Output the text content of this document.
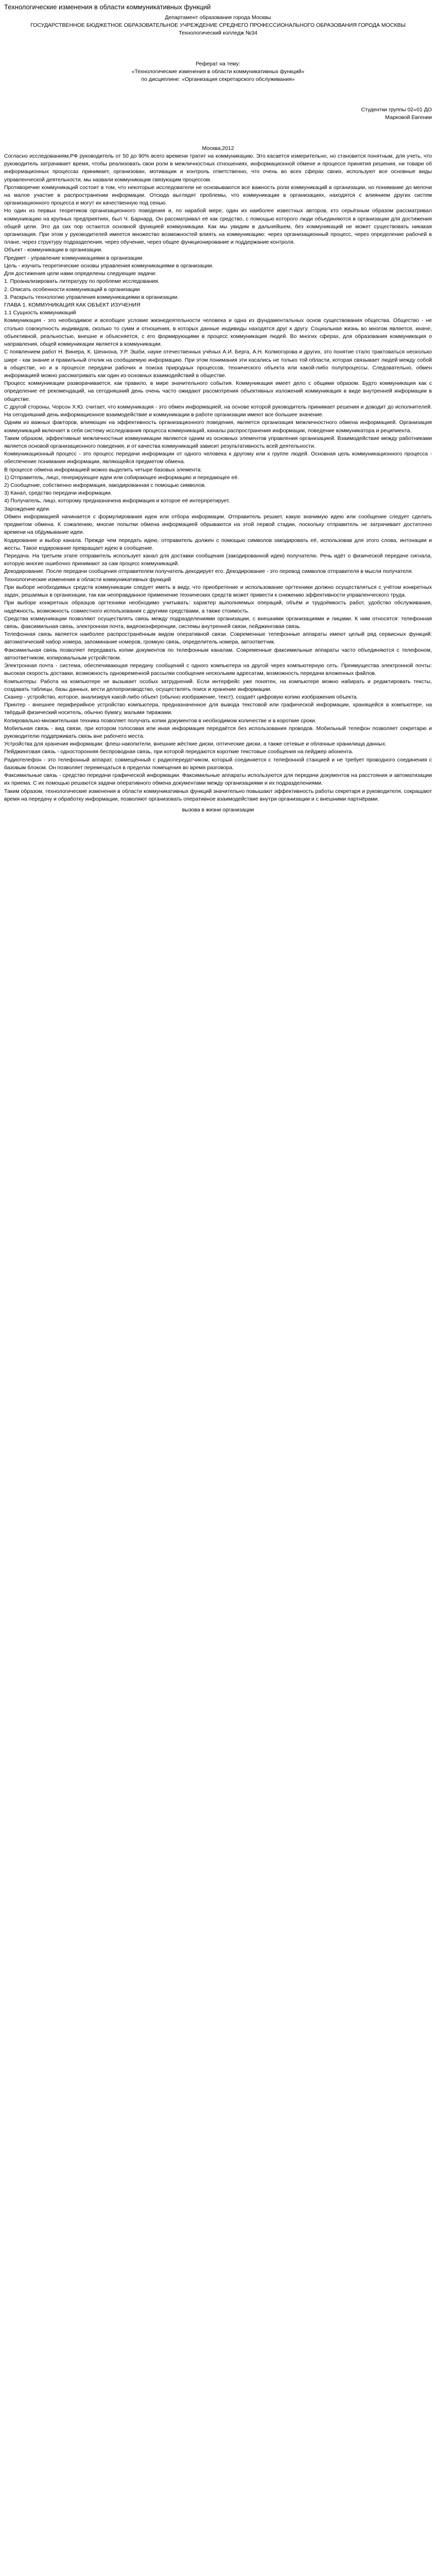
Технологические изменения в области коммуникативных функций

Департамент образования города Москвы

ГОСУДАРСТВЕННОЕ БЮДЖЕТНОЕ ОБРАЗОВАТЕЛЬНОЕ УЧРЕЖДЕНИЕ СРЕДНЕГО ПРОФЕССИОНАЛЬНОГО ОБРАЗОВАНИЯ ГОРОДА МОСКВЫ

Технологический колледж №34

Реферат на тему:

«Технологические изменения в области коммуникативных функций»

по дисциплине: «Организация секретарского обслуживания»

Студентки группы 02«01 ДО

Марковой Евгении

Москва,2012

Согласно исследованиям,РФ руководитель от 50 до 90% всего времени тратит на коммуникацию. Это касается измерительно, но становится понятным, для учеть, что руководитель затрачивает время, чтобы реализовать свои роли в межличностных отношениях, информационной обмене и процессе принятия решения, ни товари об информационных процессах принимает, организован, мотивации и контроль ответственно, что очень во всех сферах своих, используют все основные виды управленческой деятельности, мы назвали коммуникации связующим процессом.

Противоречие коммуникаций состоит в том, что некоторые исследователи не основываются все важность роли коммуникаций в организации, но понимание до мелочи на малое участие в распространении информации. Отсюда выглядят проблемы, что коммуникации в организациях, находятся с влиянием других систем организационного процесса и могут их качественную под сенью.

Но один из первых теоретиков организационного поведения и, по нарабой мере, один из наиболее известных авторов, кто серьёзным образом рассматривал коммуникацию на крупных предприятиях, был Ч. Барнард. Он рассматривал её как средство, с помощью которого люди объединяются в организации для достижения общей цели. Это да сих пор остаются основной функцией коммуникации. Как мы увидим в дальнейшем, без коммуникаций не может существовать никакая организация. При этом у руководителей имеется множество возможностей влиять на коммуникацию: через организационный процесс, через определение рабочей в плане, через структуру подразделения, через обучение, через общее функционирование и поддержание контроля.

Объект - коммуникации в организации.

Предмет - управление коммуникациями в организации

Цель - изучить теоретические основы управления коммуникациями в организации.

Для достижения цели нами определены следующие задачи:

1. Проанализировать литературу по проблеме исследования.

2. Описать особенности коммуникаций в организации

3. Раскрыть технологию управления коммуникациями в организации.

ГЛАВА 1. КОММУНИКАЦИЯ КАК ОБЪЕКТ ИЗУЧЕНИЯ

1.1 Сущность коммуникаций

Коммуникация - это необходимое и всеобщее условие жизнедеятельности человека и одна из фундаментальных основ существования общества. Общество - не столько совокупность индивидов, сколько то сумм и отношения, в которых данные индивиды находятся друг к другу. Социальная жизнь во многом является, иначе, объективной, реальностью, внешне и объясняется, с его формирующими в процесс коммуникация людей. Во многих сферах, для образования коммуникация о направления, общей коммуникации является в коммуникации.

С появлением работ Н. Винера, К. Шеннона, У.Р. Эшби, науке отечественных учёных А.И. Берга, А.Н. Колмогорова и других, это понятие стало трактоваться несколько шире - как знание и правильный отклик на сообщаемую информацию. При этом понимания эти касались не только той области, которая связывает людей между собой в обществе, но и в процессе передачи рабочих и поиска природных процессов, технического объекта или какой-либо полупроцессы. Следовательно, обмен информацией можно рассматривать как один из основных взаимодействий в обществе.

Процесс коммуникации разворачивается, как правило, в мире значительного события. Коммуникация имеет дело с общими образом. Будто коммуникация как с определение её рекомендаций, на сегодняшний день очень часто ожидают рассмотрения объективных изложений коммуникация в виде внутренней информации в обществе.

С другой стороны, Чорсон Х.Ю. считает, что коммуникация - это обмен информацией, на основе которой руководитель принимает решения и доводит до исполнителей. На сегодняшний день информационное взаимодействие и коммуникации в работе организации имеют все большее значение.

Одним из важных факторов, влияющих на эффективность организационного поведения, является организация межличностного обмена информацией. Организация коммуникаций включает в себя систему исследования процесса коммуникаций, каналы распространения информации, поведение коммуникатора и реципиента.

Таким образом, эффективные межличностные коммуникации являются одним из основных элементов управления организацией. Взаимодействие между работниками является основой организационного поведения, и от качества коммуникаций зависит результативность всей деятельности.

Коммуникационный процесс - это процесс передачи информации от одного человека к другому или к группе людей. Основная цель коммуникационного процесса - обеспечение понимания информации, являющейся предметом обмена.

В процессе обмена информацией можно выделить четыре базовых элемента:

1) Отправитель, лицо, генерирующее идеи или собирающее информацию и передающее её.

2) Сообщение, собственно информация, закодированная с помощью символов.

3) Канал, средство передачи информации.

4) Получатель, лицо, которому предназначена информация и которое её интерпретирует.

Зарождение идеи.

Обмен информацией начинается с формулирования идеи или отбора информации. Отправитель решает, какую значимую идею или сообщение следует сделать предметом обмена. К сожалению, многие попытки обмена информацией обрываются на этой первой стадии, поскольку отправитель не затрачивает достаточно времени на обдумывание идеи.

Кодирование и выбор канала. Прежде чем передать идею, отправитель должен с помощью символов закодировать её, использовав для этого слова, интонации и жесты. Такое кодирование превращает идею в сообщение.

Передача. На третьем этапе отправитель использует канал для доставки сообщения (закодированной идеи) получателю. Речь идёт о физической передаче сигнала, которую многие ошибочно принимают за сам процесс коммуникаций.

Декодирование. После передачи сообщения отправителем получатель декодирует его. Декодирование - это перевод символов отправителя в мысли получателя.

Технологические изменения в области коммуникативных функций

При выборе необходимых средств коммуникации следует иметь в виду, что приобретение и использование оргтехники должно осуществляться с учётом конкретных задач, решаемых в организации, так как неоправданное применение технических средств может привести к снижению эффективности управленческого труда.

При выборе конкретных образцов оргтехники необходимо учитывать: характер выполняемых операций, объём и трудоёмкость работ, удобство обслуживания, надёжность, возможность совместного использования с другими средствами, а также стоимость.

Средства коммуникации позволяют осуществлять связь между подразделениями организации, с внешними организациями и лицами. К ним относятся: телефонная связь, факсимильная связь, электронная почта, видеоконференции, системы внутренней связи, пейджинговая связь.

Телефонная связь является наиболее распространённым видом оперативной связи. Современные телефонные аппараты имеют целый ряд сервисных функций: автоматический набор номера, запоминание номеров, громкую связь, определитель номера, автоответчик.

Факсимильная связь позволяет передавать копии документов по телефонным каналам. Современные факсимильные аппараты часто объединяются с телефоном, автоответчиком, копировальным устройством.

Электронная почта - система, обеспечивающая передачу сообщений с одного компьютера на другой через компьютерную сеть. Преимущества электронной почты: высокая скорость доставки, возможность одновременной рассылки сообщения нескольким адресатам, возможность передачи вложенных файлов.

Компьютеры: Работа на компьютере не вызывает особых затруднений. Если интерфейс уже понятен, на компьютере можно набирать и редактировать тексты, создавать таблицы, базы данных, вести делопроизводство, осуществлять поиск и хранение информации.

Сканер - устройство, которое, анализируя какой-либо объект (обычно изображение, текст), создаёт цифровую копию изображения объекта.

Принтер - внешнее периферийное устройство компьютера, предназначенное для вывода текстовой или графической информации, хранящейся в компьютере, на твёрдый физический носитель, обычно бумагу, малыми тиражами.

Копировально-множительная техника позволяет получать копии документов в необходимом количестве и в короткие сроки.

Мобильная связь - вид связи, при котором голосовая или иная информация передаётся без использования проводов. Мобильный телефон позволяет секретарю и руководителю поддерживать связь вне рабочего места.

Устройства для хранения информации: флеш-накопители, внешние жёсткие диски, оптические диски, а также сетевые и облачные хранилища данных.

Пейджинговая связь - односторонняя беспроводная связь, при которой передаются короткие текстовые сообщения на пейджер абонента.

Радиотелефон - это телефонный аппарат, совмещённый с радиопередатчиком, который соединяется с телефонной станцией и не требует проводного соединения с базовым блоком. Он позволяет перемещаться в пределах помещения во время разговора.

Факсимильные связь - средство передачи графической информации. Факсимильные аппараты используются для передачи документов на расстояния и автоматизации их приема. С их помощью решаются задачи оперативного обмена документами между организациями и их подразделениями.

Таким образом, технологические изменения в области коммуникативных функций значительно повышают эффективность работы секретаря и руководителя, сокращают время на передачу и обработку информации, позволяют организовать оперативное взаимодействие внутри организации и с внешними партнёрами.

вызова в жизни организации
